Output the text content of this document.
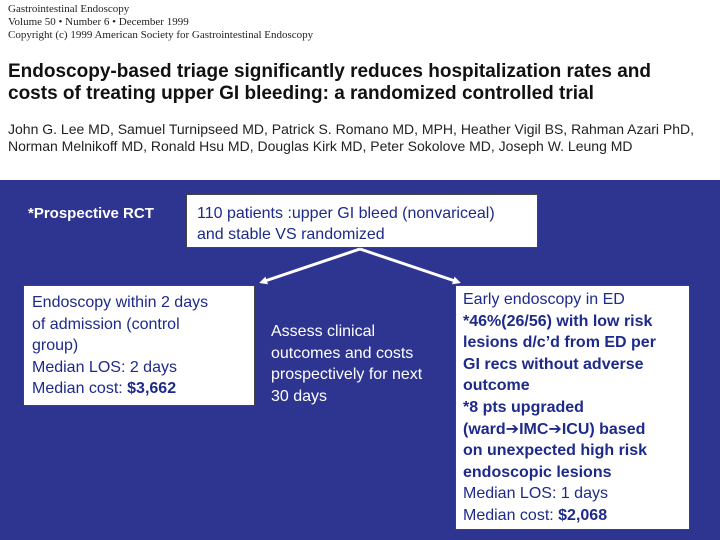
Gastrointestinal Endoscopy
Volume 50 • Number 6 • December 1999
Copyright (c) 1999 American Society for Gastrointestinal Endoscopy
Endoscopy-based triage significantly reduces hospitalization rates and
costs of treating upper GI bleeding: a randomized controlled trial
John G. Lee MD, Samuel Turnipseed MD, Patrick S. Romano MD, MPH, Heather Vigil BS, Rahman Azari PhD, Norman Melnikoff MD, Ronald Hsu MD, Douglas Kirk MD, Peter Sokolove MD, Joseph W. Leung MD
*Prospective RCT	110 patients :upper GI bleed (nonvariceal)
and stable VS randomized
Endoscopy within 2 days
of admission (control
group)
Median LOS: 2 days
Median cost: $3,662
Assess clinical
outcomes and costs
prospectively for next
30 days
Early endoscopy in ED
*46%(26/56) with low risk
lesions d/c’d from ED per
GI recs without adverse
outcome
*8 pts upgraded
(ward➔IMC➔ICU) based
on unexpected high risk
endoscopic lesions
Median LOS: 1 days
Median cost: $2,068
